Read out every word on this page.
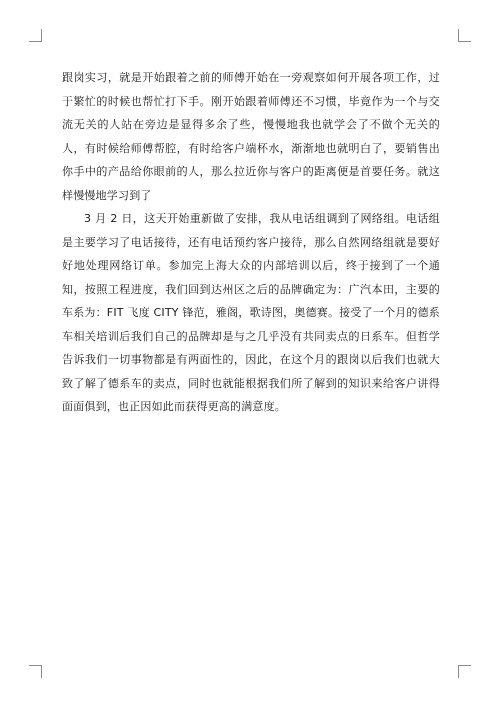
跟岗实习，就是开始跟着之前的师傅开始在一旁观察如何开展各项工作，过于繁忙的时候也帮忙打下手。刚开始跟着师傅还不习惯，毕竟作为一个与交流无关的人站在旁边是显得多余了些，慢慢地我也就学会了不做个无关的人，有时候给师傅帮腔，有时给客户端杯水，渐渐地也就明白了，要销售出你手中的产品给你眼前的人，那么拉近你与客户的距离便是首要任务。就这样慢慢地学习到了

3 月 2 日，这天开始重新做了安排，我从电话组调到了网络组。电话组是主要学习了电话接待，还有电话预约客户接待，那么自然网络组就是要好好地处理网络订单。参加完上海大众的内部培训以后，终于接到了一个通知，按照工程进度，我们回到达州区之后的品牌确定为：广汽本田，主要的车系为：FIT 飞度 CITY 锋范，雅阁，歌诗图，奥德赛。接受了一个月的德系车相关培训后我们自己的品牌却是与之几乎没有共同卖点的日系车。但哲学告诉我们一切事物都是有两面性的，因此，在这个月的跟岗以后我们也就大致了解了德系车的卖点，同时也就能根据我们所了解到的知识来给客户讲得面面俱到，也正因如此而获得更高的满意度。
